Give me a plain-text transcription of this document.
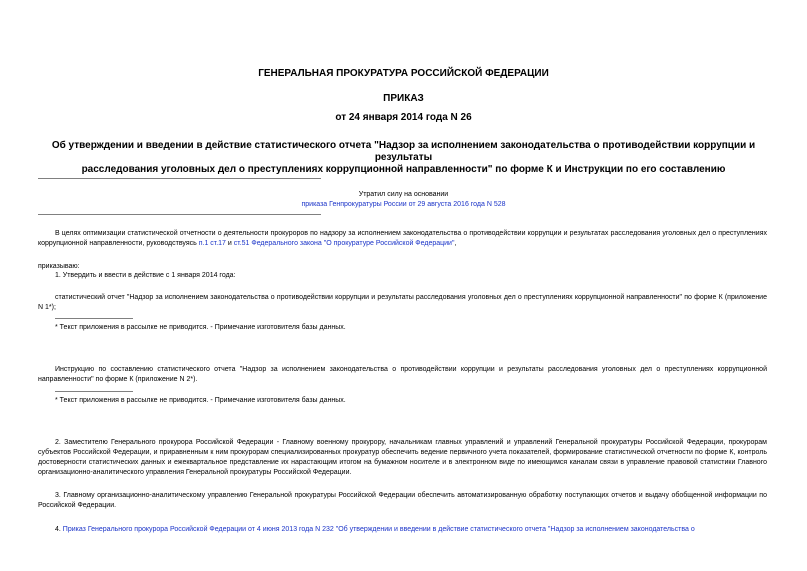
ГЕНЕРАЛЬНАЯ ПРОКУРАТУРА РОССИЙСКОЙ ФЕДЕРАЦИИ
ПРИКАЗ
от 24 января 2014 года N 26
Об утверждении и введении в действие статистического отчета "Надзор за исполнением законодательства о противодействии коррупции и результаты
расследования уголовных дел о преступлениях коррупционной направленности" по форме К и Инструкции по его составлению
Утратил силу на основании
приказа Генпрокуратуры России от 29 августа 2016 года N 528
В целях оптимизации статистической отчетности о деятельности прокуроров по надзору за исполнением законодательства о противодействии коррупции и результатах расследования уголовных дел о преступлениях коррупционной направленности, руководствуясь п.1 ст.17 и ст.51 Федерального закона "О прокуратуре Российской Федерации",
приказываю:
1. Утвердить и ввести в действие с 1 января 2014 года:
статистический отчет "Надзор за исполнением законодательства о противодействии коррупции и результаты расследования уголовных дел о преступлениях коррупционной направленности" по форме К (приложение N 1*);
* Текст приложения в рассылке не приводится. - Примечание изготовителя базы данных.
Инструкцию по составлению статистического отчета "Надзор за исполнением законодательства о противодействии коррупции и результаты расследования уголовных дел о преступлениях коррупционной направленности" по форме К (приложение N 2*).
* Текст приложения в рассылке не приводится. - Примечание изготовителя базы данных.
2. Заместителю Генерального прокурора Российской Федерации - Главному военному прокурору, начальникам главных управлений и управлений Генеральной прокуратуры Российской Федерации, прокурорам субъектов Российской Федерации, и приравненным к ним прокурорам специализированных прокуратур обеспечить ведение первичного учета показателей, формирование статистической отчетности по форме К, контроль достоверности статистических данных и ежеквартальное представление их нарастающим итогом на бумажном носителе и в электронном виде по имеющимся каналам связи в управление правовой статистики Главного организационно-аналитического управления Генеральной прокуратуры Российской Федерации.
3. Главному организационно-аналитическому управлению Генеральной прокуратуры Российской Федерации обеспечить автоматизированную обработку поступающих отчетов и выдачу обобщенной информации по Российской Федерации.
4. Приказ Генерального прокурора Российской Федерации от 4 июня 2013 года N 232 "Об утверждении и введении в действие статистического отчета "Надзор за исполнением законодательства о
